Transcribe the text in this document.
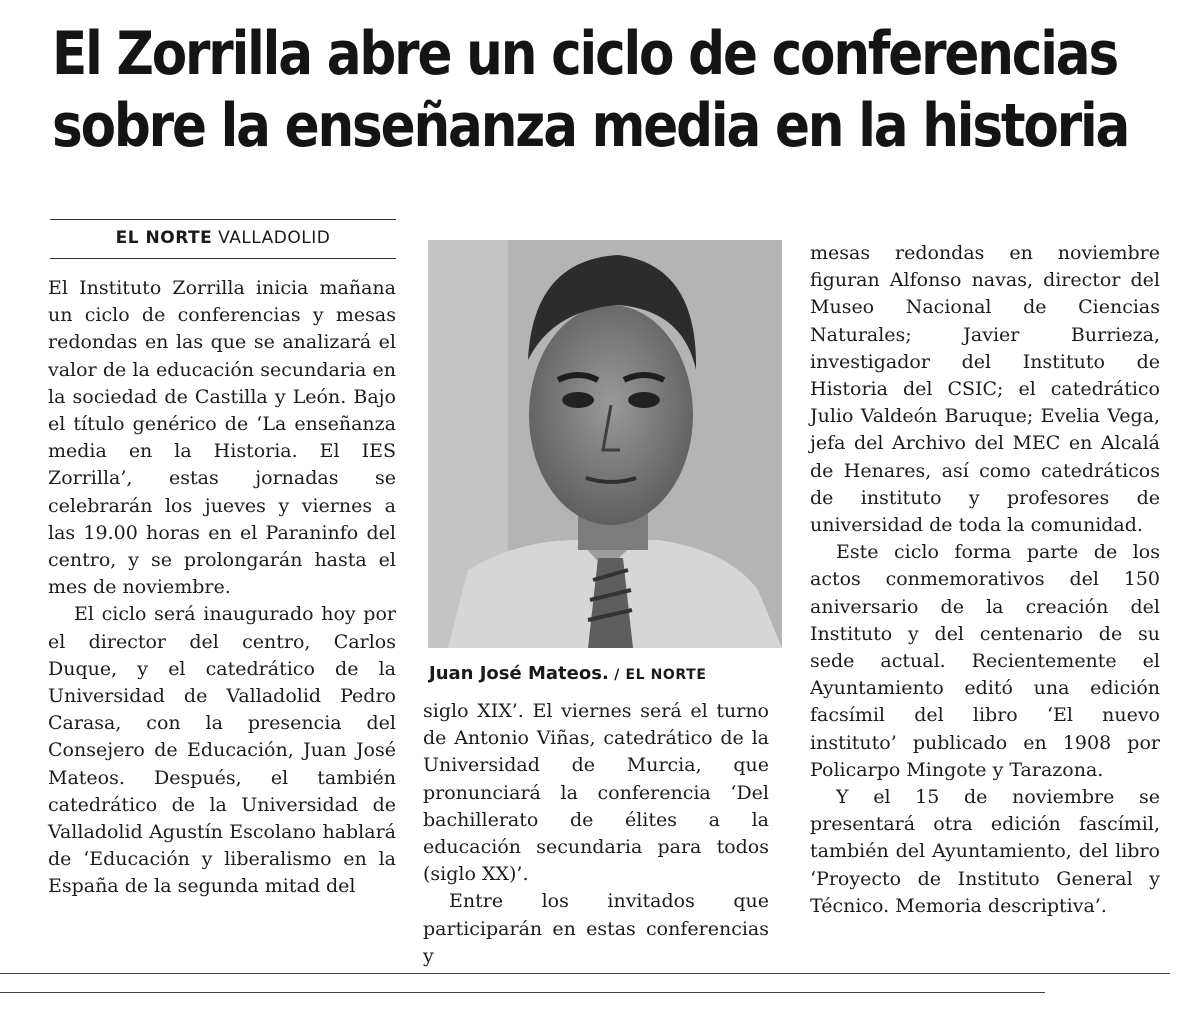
El Zorrilla abre un ciclo de conferencias
sobre la enseñanza media en la historia
EL NORTE VALLADOLID

El Instituto Zorrilla inicia mañana un ciclo de conferencias y mesas redondas en las que se analizará el valor de la educación secundaria en la sociedad de Castilla y León. Bajo el título genérico de ‘La enseñanza media en la Historia. El IES Zorrilla’, estas jornadas se celebrarán los jueves y viernes a las 19.00 horas en el Paraninfo del centro, y se prolongarán hasta el mes de noviembre.

El ciclo será inaugurado hoy por el director del centro, Carlos Duque, y el catedrático de la Universidad de Valladolid Pedro Carasa, con la presencia del Consejero de Educación, Juan José Mateos. Después, el también catedrático de la Universidad de Valladolid Agustín Escolano hablará de ‘Educación y liberalismo en la España de la segunda mitad del

Juan José Mateos. / EL NORTE

siglo XIX’. El viernes será el turno de Antonio Viñas, catedrático de la Universidad de Murcia, que pronunciará la conferencia ‘Del bachillerato de élites a la educación secundaria para todos (siglo XX)’.

Entre los invitados que participarán en estas conferencias y

mesas redondas en noviembre figuran Alfonso navas, director del Museo Nacional de Ciencias Naturales; Javier Burrieza, investigador del Instituto de Historia del CSIC; el catedrático Julio Valdeón Baruque; Evelia Vega, jefa del Archivo del MEC en Alcalá de Henares, así como catedráticos de instituto y profesores de universidad de toda la comunidad.

Este ciclo forma parte de los actos conmemorativos del 150 aniversario de la creación del Instituto y del centenario de su sede actual. Recientemente el Ayuntamiento editó una edición facsímil del libro ‘El nuevo instituto’ publicado en 1908 por Policarpo Mingote y Tarazona.

Y el 15 de noviembre se presentará otra edición fascímil, también del Ayuntamiento, del libro ‘Proyecto de Instituto General y Técnico. Memoria descriptiva’.
